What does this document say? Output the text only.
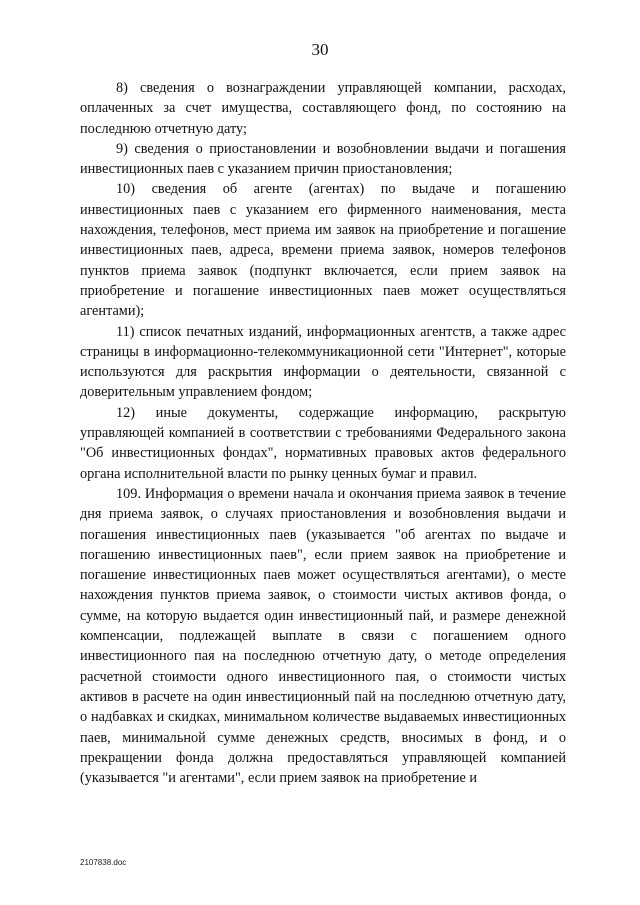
30

8) сведения о вознаграждении управляющей компании, расходах, оплаченных за счет имущества, составляющего фонд, по состоянию на последнюю отчетную дату;

9) сведения о приостановлении и возобновлении выдачи и погашения инвестиционных паев с указанием причин приостановления;

10) сведения об агенте (агентах) по выдаче и погашению инвестиционных паев с указанием его фирменного наименования, места нахождения, телефонов, мест приема им заявок на приобретение и погашение инвестиционных паев, адреса, времени приема заявок, номеров телефонов пунктов приема заявок (подпункт включается, если прием заявок на приобретение и погашение инвестиционных паев может осуществляться агентами);

11) список печатных изданий, информационных агентств, а также адрес страницы в информационно-телекоммуникационной сети "Интернет", которые используются для раскрытия информации о деятельности, связанной с доверительным управлением фондом;

12) иные документы, содержащие информацию, раскрытую управляющей компанией в соответствии с требованиями Федерального закона "Об инвестиционных фондах", нормативных правовых актов федерального органа исполнительной власти по рынку ценных бумаг и правил.

109. Информация о времени начала и окончания приема заявок в течение дня приема заявок, о случаях приостановления и возобновления выдачи и погашения инвестиционных паев (указывается "об агентах по выдаче и погашению инвестиционных паев", если прием заявок на приобретение и погашение инвестиционных паев может осуществляться агентами), о месте нахождения пунктов приема заявок, о стоимости чистых активов фонда, о сумме, на которую выдается один инвестиционный пай, и размере денежной компенсации, подлежащей выплате в связи с погашением одного инвестиционного пая на последнюю отчетную дату, о методе определения расчетной стоимости одного инвестиционного пая, о стоимости чистых активов в расчете на один инвестиционный пай на последнюю отчетную дату, о надбавках и скидках, минимальном количестве выдаваемых инвестиционных паев, минимальной сумме денежных средств, вносимых в фонд, и о прекращении фонда должна предоставляться управляющей компанией (указывается "и агентами", если прием заявок на приобретение и

2107838.doc
